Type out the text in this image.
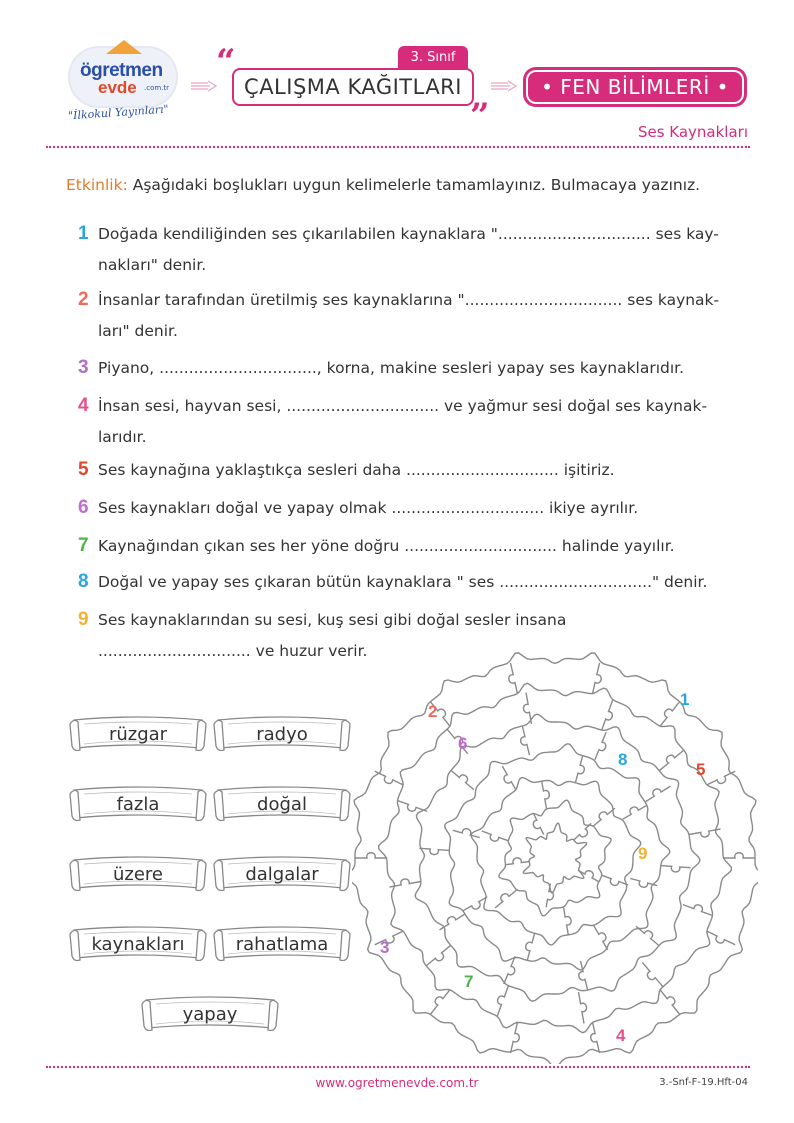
ögretmen
evde .com.tr
"İlkokul Yayınları"
“	3. Sınıf
ÇALIŞMA KAĞITLARI
”
• FEN BİLİMLERİ •
Ses Kaynakları
Etkinlik: Aşağıdaki boşlukları uygun kelimelerle tamamlayınız. Bulmacaya yazınız.
1 Doğada kendiliğinden ses çıkarılabilen kaynaklara "............................... ses kay-
nakları" denir.
2 İnsanlar tarafından üretilmiş ses kaynaklarına "................................ ses kaynak-
ları" denir.
3 Piyano, ................................, korna, makine sesleri yapay ses kaynaklarıdır.
4 İnsan sesi, hayvan sesi, ............................... ve yağmur sesi doğal ses kaynak-
larıdır.
5 Ses kaynağına yaklaştıkça sesleri daha ............................... işitiriz.
6 Ses kaynakları doğal ve yapay olmak ............................... ikiye ayrılır.
7 Kaynağından çıkan ses her yöne doğru ............................... halinde yayılır.
8 Doğal ve yapay ses çıkaran bütün kaynaklara " ses ..............................." denir.
9 Ses kaynaklarından su sesi, kuş sesi gibi doğal sesler insana
............................... ve huzur verir.
rüzgar	radyo
fazla	doğal
üzere	dalgalar
kaynakları	rahatlama
yapay
1
2
3
4
5
6
7
8
9
www.ogretmenevde.com.tr	3.-Snf-F-19.Hft-04
